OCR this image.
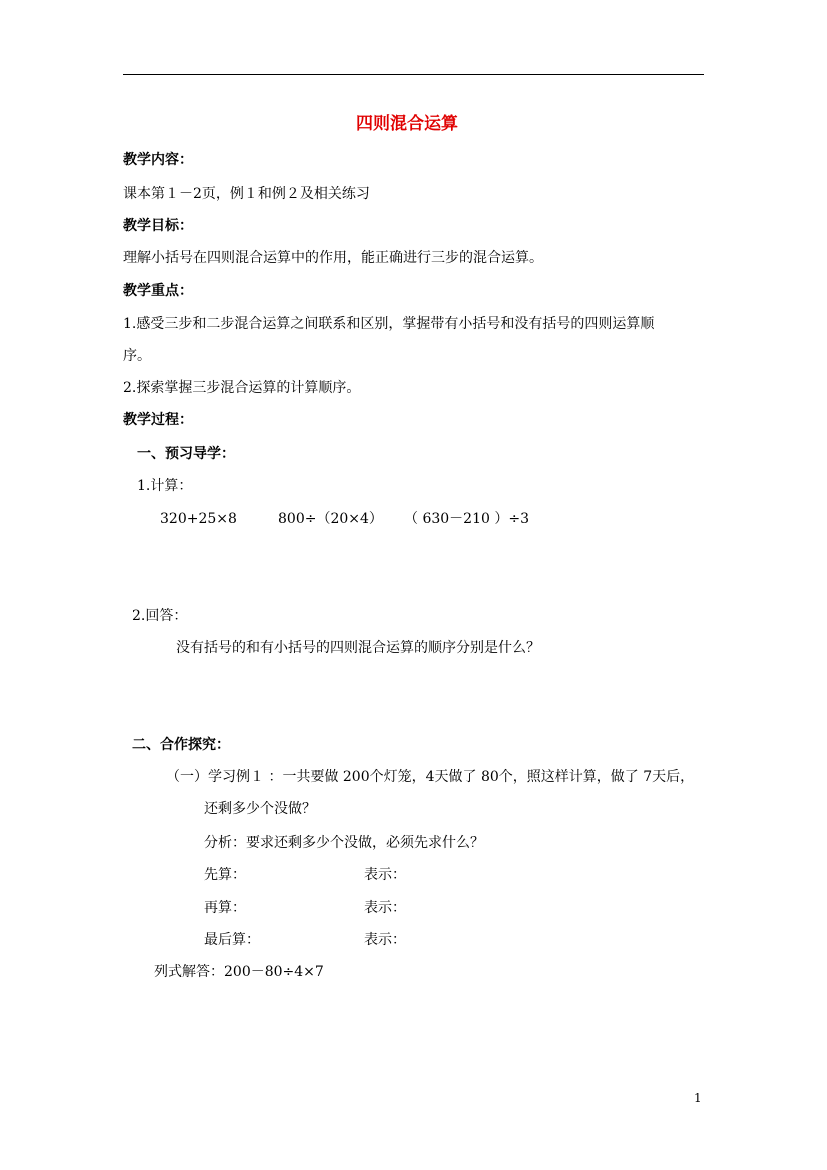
四则混合运算
教学内容：
课本第１－2页，例１和例２及相关练习
教学目标：
理解小括号在四则混合运算中的作用，能正确进行三步的混合运算。
教学重点：
1.感受三步和二步混合运算之间联系和区别，掌握带有小括号和没有括号的四则运算顺
序。
2.探索掌握三步混合运算的计算顺序。
教学过程：
一、预习导学：
1.计算：
320+25×8	800÷（20×4） （ 630－210 ）÷3
2.回答：
没有括号的和有小括号的四则混合运算的顺序分别是什么？
二、合作探究：
（一）学习例１ ：一共要做 200个灯笼，4天做了 80个，照这样计算，做了 7天后，
还剩多少个没做？
分析：要求还剩多少个没做，必须先求什么？
先算：	表示：
再算：	表示：
最后算：	表示：
列式解答：200－80÷4×7
1
